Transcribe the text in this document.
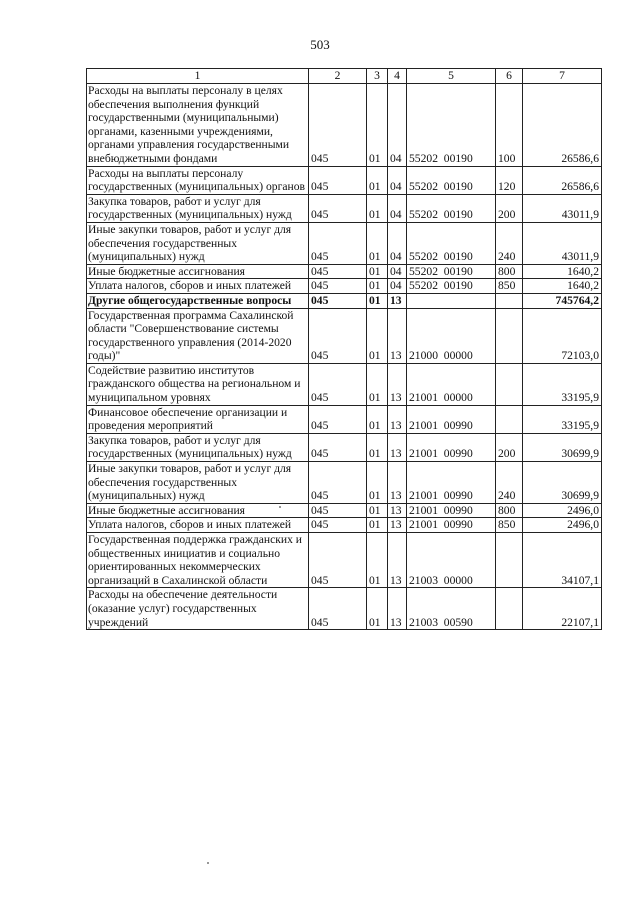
503
1	2	3	4	5	6	7
Расходы на выплаты персоналу в целях обеспечения выполнения функций государственными (муниципальными) органами, казенными учреждениями, органами управления государственными внебюджетными фондами	045	01	04	55202  00190	100	26586,6
Расходы на выплаты персоналу государственных (муниципальных) органов	045	01	04	55202  00190	120	26586,6
Закупка товаров, работ и услуг для государственных (муниципальных) нужд	045	01	04	55202  00190	200	43011,9
Иные закупки товаров, работ и услуг для обеспечения государственных (муниципальных) нужд	045	01	04	55202  00190	240	43011,9
Иные бюджетные ассигнования	045	01	04	55202  00190	800	1640,2
Уплата налогов, сборов и иных платежей	045	01	04	55202  00190	850	1640,2
Другие общегосударственные вопросы	045	01	13			745764,2
Государственная программа Сахалинской области "Совершенствование системы государственного управления (2014-2020 годы)"	045	01	13	21000  00000		72103,0
Содействие развитию институтов гражданского общества на региональном и муниципальном уровнях	045	01	13	21001  00000		33195,9
Финансовое обеспечение организации и проведения мероприятий	045	01	13	21001  00990		33195,9
Закупка товаров, работ и услуг для государственных (муниципальных) нужд	045	01	13	21001  00990	200	30699,9
Иные закупки товаров, работ и услуг для обеспечения государственных (муниципальных) нужд	045	01	13	21001  00990	240	30699,9
Иные бюджетные ассигнования	045	01	13	21001  00990	800	2496,0
Уплата налогов, сборов и иных платежей	045	01	13	21001  00990	850	2496,0
Государственная поддержка гражданских и общественных инициатив и социально ориентированных некоммерческих организаций в Сахалинской области	045	01	13	21003  00000		34107,1
Расходы на обеспечение деятельности (оказание услуг) государственных учреждений	045	01	13	21003  00590		22107,1
